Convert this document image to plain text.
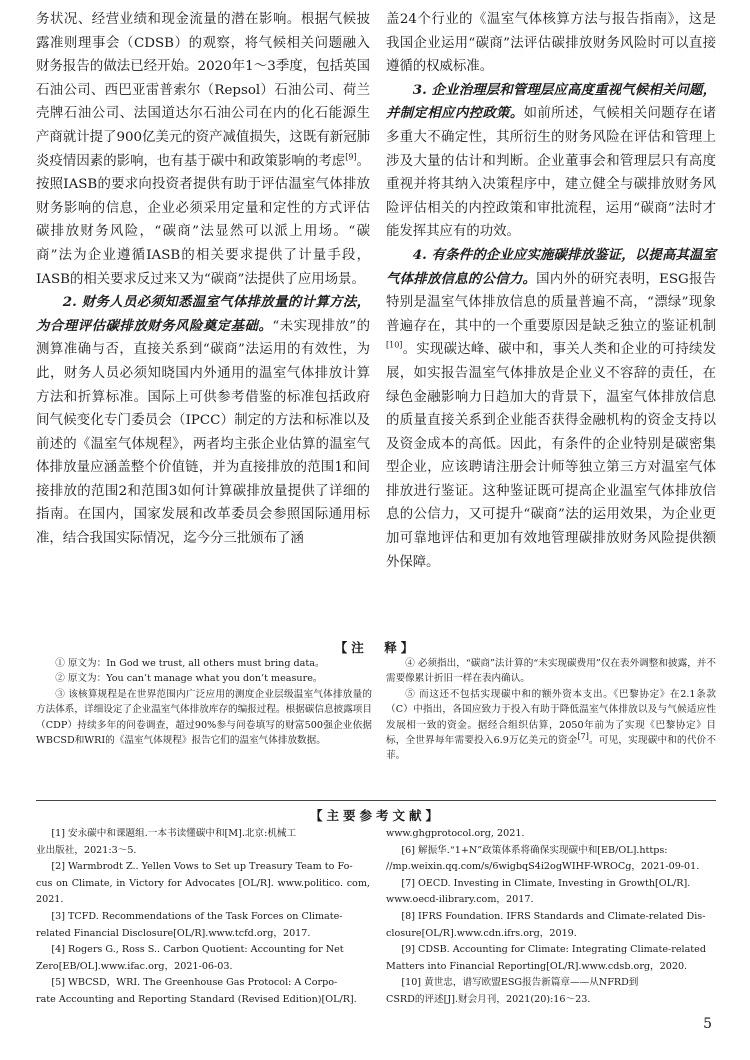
务状况、经营业绩和现金流量的潜在影响。根据气候披露准则理事会（CDSB）的观察，将气候相关问题融入财务报告的做法已经开始。2020年1～3季度，包括英国石油公司、西巴亚雷普索尔（Repsol）石油公司、荷兰壳牌石油公司、法国道达尔石油公司在内的化石能源生产商就计提了900亿美元的资产减值损失，这既有新冠肺炎疫情因素的影响，也有基于碳中和政策影响的考虑[9]。按照IASB的要求向投资者提供有助于评估温室气体排放财务影响的信息，企业必须采用定量和定性的方式评估碳排放财务风险，“碳商”法显然可以派上用场。“碳商”法为企业遵循IASB的相关要求提供了计量手段，IASB的相关要求反过来又为“碳商”法提供了应用场景。

2. 财务人员必须知悉温室气体排放量的计算方法，为合理评估碳排放财务风险奠定基础。“未实现排放”的测算准确与否，直接关系到“碳商”法运用的有效性，为此，财务人员必须知晓国内外通用的温室气体排放计算方法和折算标准。国际上可供参考借鉴的标准包括政府间气候变化专门委员会（IPCC）制定的方法和标准以及前述的《温室气体规程》，两者均主张企业估算的温室气体排放量应涵盖整个价值链，并为直接排放的范围1和间接排放的范围2和范围3如何计算碳排放量提供了详细的指南。在国内，国家发展和改革委员会参照国际通用标准，结合我国实际情况，迄今分三批颁布了涵

盖24个行业的《温室气体核算方法与报告指南》，这是我国企业运用“碳商”法评估碳排放财务风险时可以直接遵循的权威标准。

3. 企业治理层和管理层应高度重视气候相关问题，并制定相应内控政策。如前所述，气候相关问题存在诸多重大不确定性，其所衍生的财务风险在评估和管理上涉及大量的估计和判断。企业董事会和管理层只有高度重视并将其纳入决策程序中，建立健全与碳排放财务风险评估相关的内控政策和审批流程，运用“碳商”法时才能发挥其应有的功效。

4. 有条件的企业应实施碳排放鉴证，以提高其温室气体排放信息的公信力。国内外的研究表明，ESG报告特别是温室气体排放信息的质量普遍不高，“漂绿”现象普遍存在，其中的一个重要原因是缺乏独立的鉴证机制[10]。实现碳达峰、碳中和，事关人类和企业的可持续发展，如实报告温室气体排放是企业义不容辞的责任，在绿色金融影响力日趋加大的背景下，温室气体排放信息的质量直接关系到企业能否获得金融机构的资金支持以及资金成本的高低。因此，有条件的企业特别是碳密集型企业，应该聘请注册会计师等独立第三方对温室气体排放进行鉴证。这种鉴证既可提高企业温室气体排放信息的公信力，又可提升“碳商”法的运用效果，为企业更加可靠地评估和更加有效地管理碳排放财务风险提供额外保障。

【注　释】

① 原文为：In God we trust, all others must bring data。

② 原文为：You can’t manage what you don’t measure。

③ 该核算规程是在世界范围内广泛应用的测度企业层级温室气体排放量的方法体系，详细设定了企业温室气体排放库存的编报过程。根据碳信息披露项目（CDP）持续多年的问卷调查，超过90%参与问卷填写的财富500强企业依据WBCSD和WRI的《温室气体规程》报告它们的温室气体排放数据。

④ 必须指出，“碳商”法计算的“未实现碳费用”仅在表外调整和披露，并不需要像累计折旧一样在表内确认。

⑤ 而这还不包括实现碳中和的额外资本支出。《巴黎协定》在2.1条款（C）中指出，各国应致力于投入有助于降低温室气体排放以及与气候适应性发展相一致的资金。据经合组织估算，2050年前为了实现《巴黎协定》目标，全世界每年需要投入6.9万亿美元的资金[7]。可见，实现碳中和的代价不菲。

【主要参考文献】

[1] 安永碳中和课题组.一本书读懂碳中和[M].北京:机械工

业出版社，2021:3～5.

[2] Warmbrodt Z.. Yellen Vows to Set up Treasury Team to Fo-

cus on Climate, in Victory for Advocates [OL/R]. www.politico. com, 2021.

[3] TCFD. Recommendations of the Task Forces on Climate-

related Financial Disclosure[OL/R].www.tcfd.org，2017.

[4] Rogers G., Ross S.. Carbon Quotient: Accounting for Net

Zero[EB/OL].www.ifac.org，2021-06-03.

[5] WBCSD，WRI. The Greenhouse Gas Protocol: A Corpo-

rate Accounting and Reporting Standard (Revised Edition)[OL/R].

www.ghgprotocol.org, 2021.

[6] 解振华.“1+N”政策体系将确保实现碳中和[EB/OL].https:

//mp.weixin.qq.com/s/6wigbqS4i2ogWIHF-WROCg，2021-09-01.

[7] OECD. Investing in Climate, Investing in Growth[OL/R].

www.oecd-ilibrary.com，2017.

[8] IFRS Foundation. IFRS Standards and Climate-related Dis-

closure[OL/R].www.cdn.ifrs.org，2019.

[9] CDSB. Accounting for Climate: Integrating Climate-related

Matters into Financial Reporting[OL/R].www.cdsb.org，2020.

[10] 黄世忠，谱写欧盟ESG报告新篇章——从NFRD到

CSRD的评述[J].财会月刊，2021(20):16～23.

5
